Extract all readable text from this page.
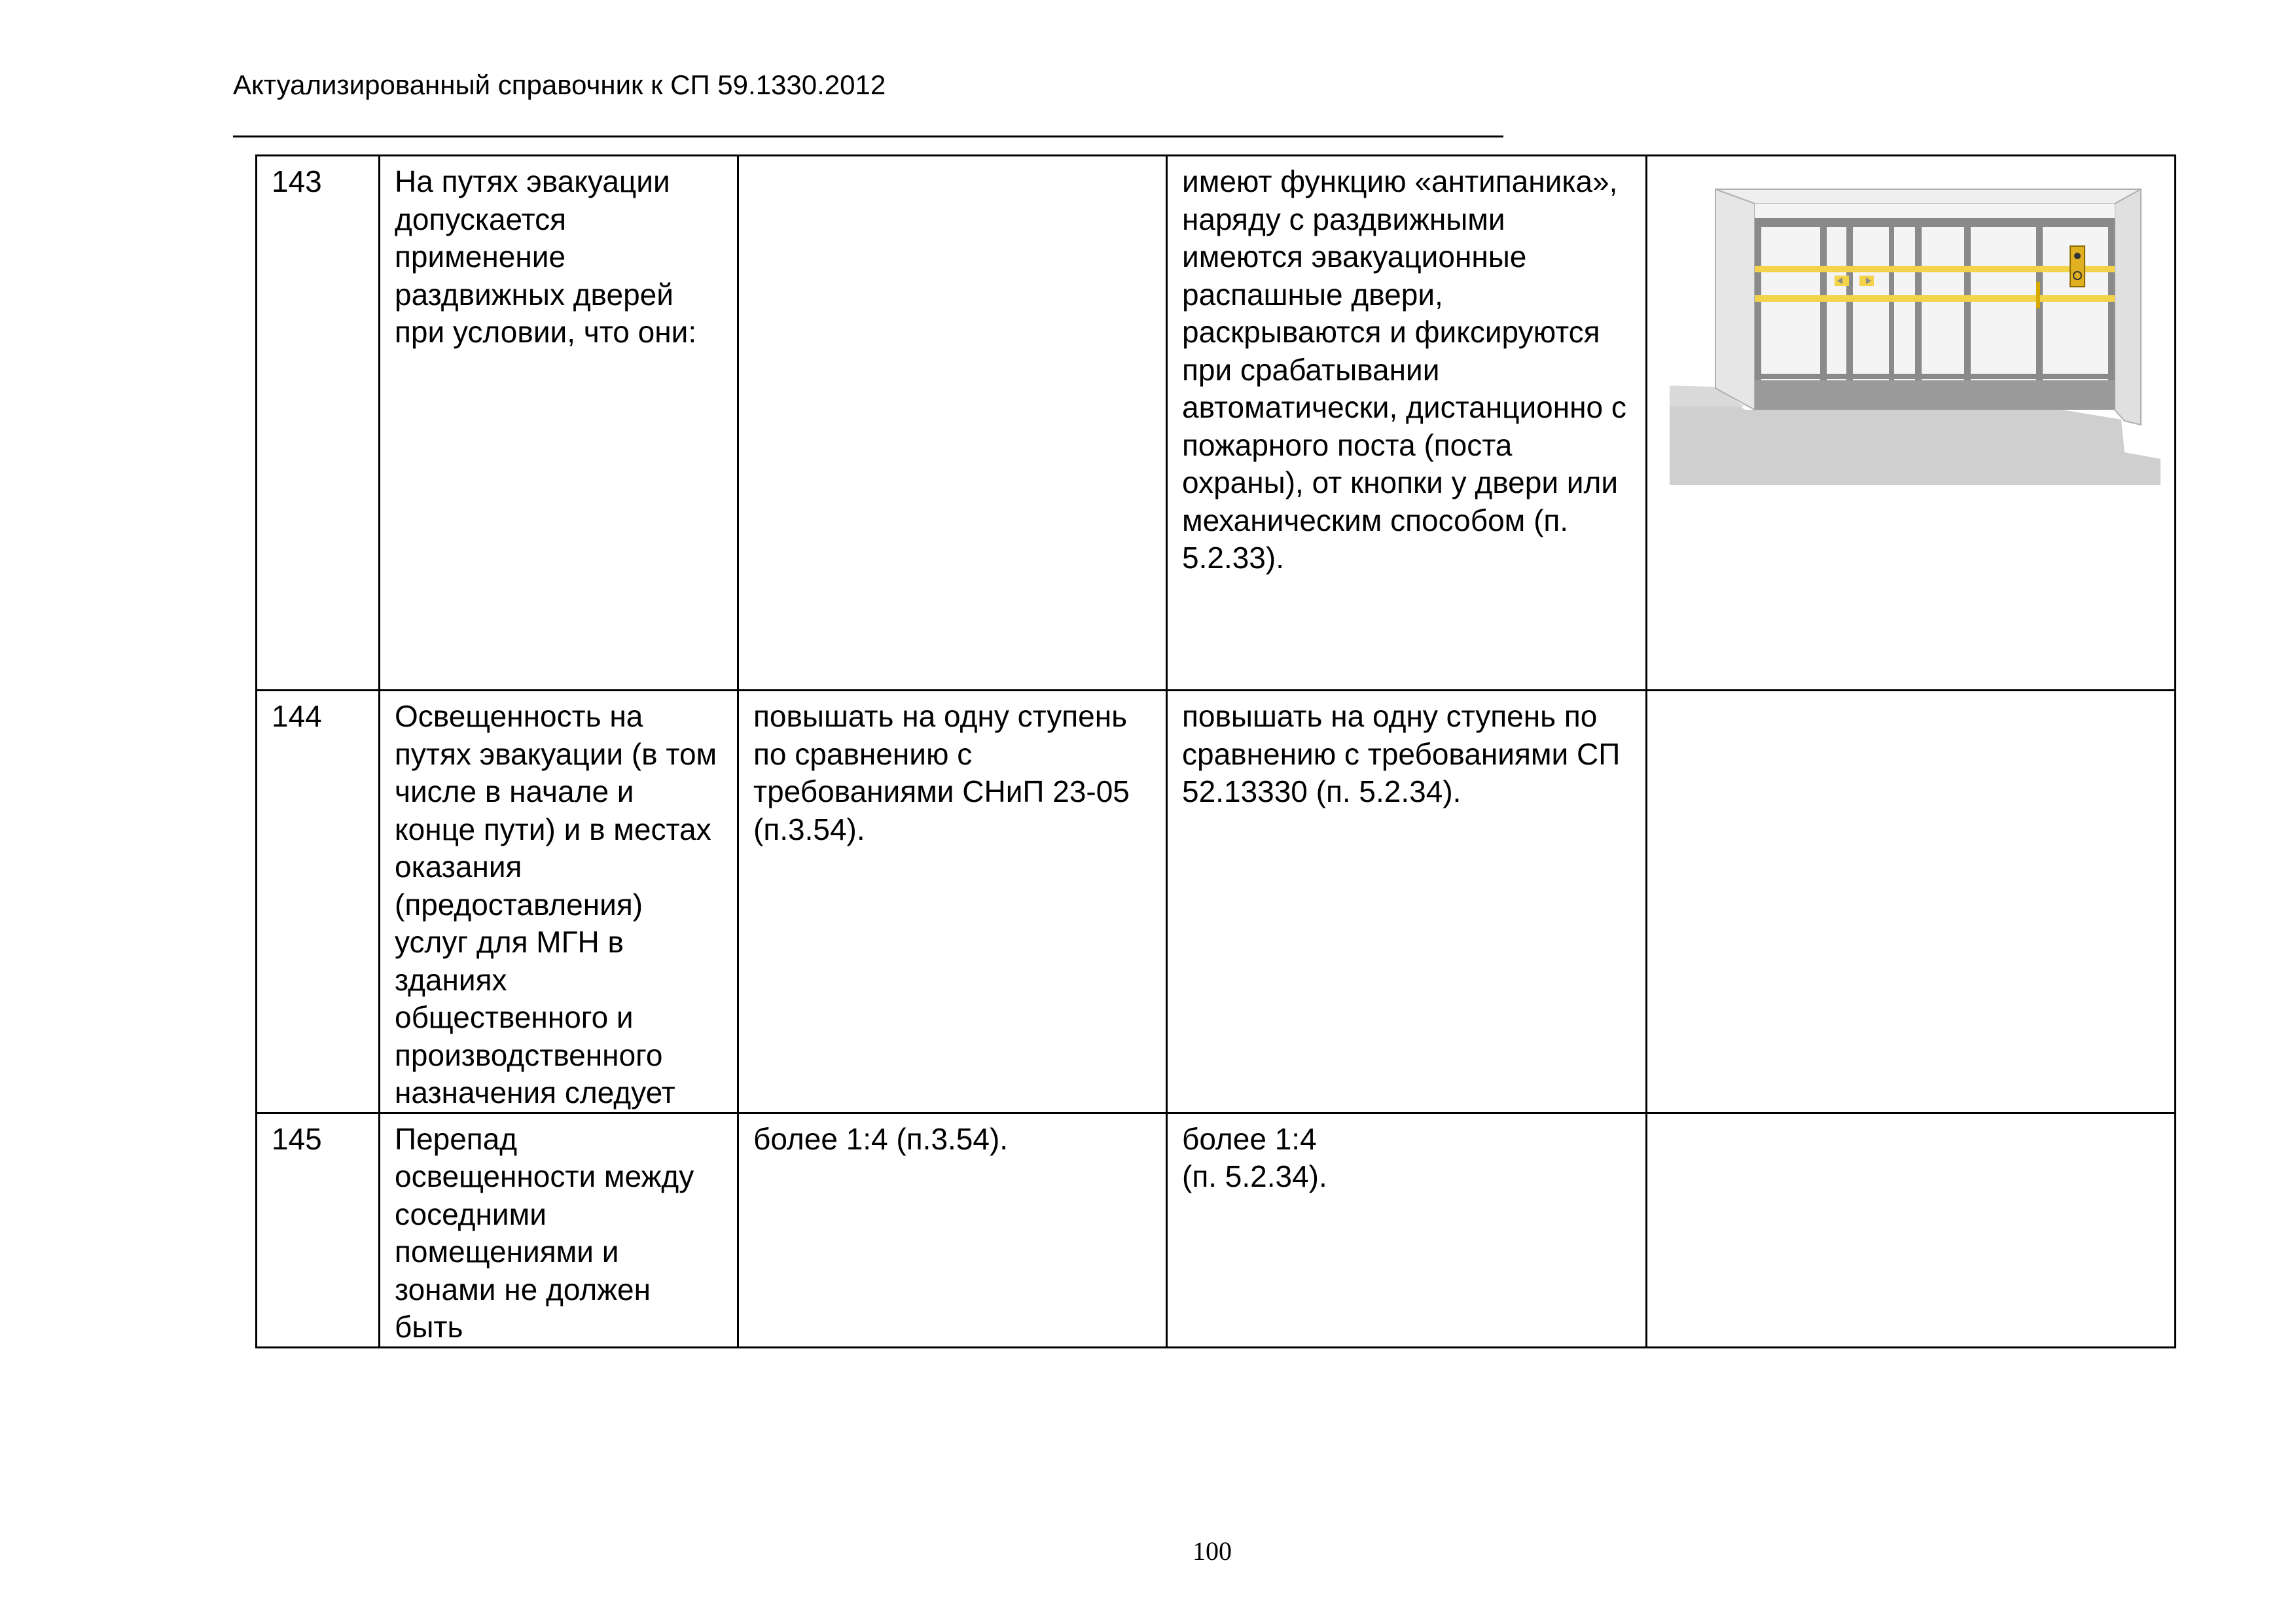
Актуализированный справочник к СП 59.1330.2012
143	На путях эвакуации допускается применение раздвижных дверей при условии, что они:		имеют функцию «антипаника», наряду с раздвижными имеются эвакуационные распашные двери,
раскрываются и фиксируются при срабатывании автоматически, дистанционно с пожарного поста (поста охраны), от кнопки у двери или механическим способом (п. 5.2.33).	

144	Освещенность на путях эвакуации (в том числе в начале и конце пути) и в местах оказания (предоставления) услуг для МГН в зданиях общественного и производственного назначения следует	повышать на одну ступень по сравнению с требованиями СНиП 23-05 (п.3.54).	повышать на одну ступень по сравнению с требованиями СП 52.13330 (п. 5.2.34).	
145	Перепад освещенности между соседними помещениями и зонами не должен быть	более 1:4 (п.3.54).	более 1:4
(п. 5.2.34).	
100
